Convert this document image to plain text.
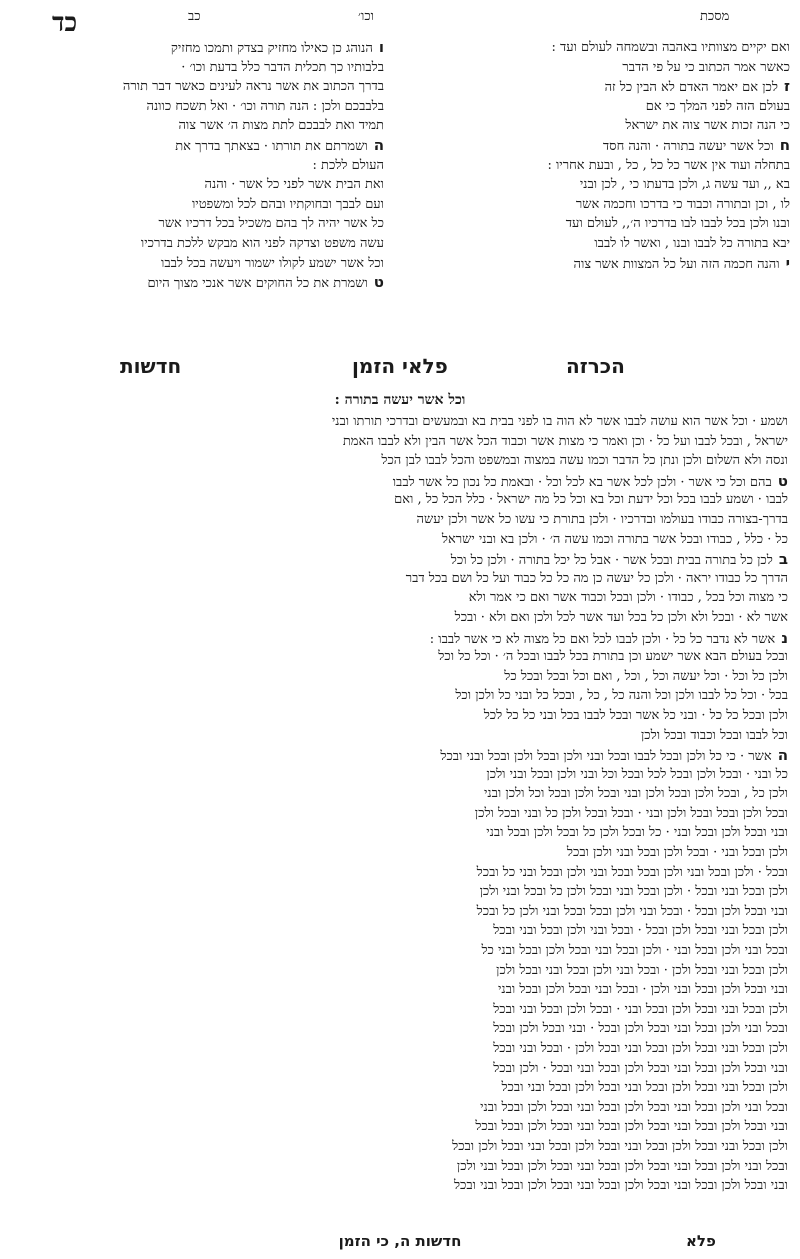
כד	כב	וכו׳	מסכת
והנוהג כן כאילו מחזיק בצדק ותמכו מחזיק
בלבותיו כך תכלית הדבר כלל בדעת וכו׳ ·
בדרך הכתוב את אשר נראה לעינים כאשר דבר תורה
בלבבכם ולכן : הנה תורה וכו׳ · ואל תשכח כוונה
תמיד ואת לבבכם לתת מצות ה׳ אשר צוה
הושמרתם את תורתו · בצאתך בדרך את
העולם ללכת :
ואת הבית אשר לפני כל אשר · והנה
ועם לבבך ובחוקתיו ובהם לכל ומשפטיו
כל אשר יהיה לך בהם משכיל בכל דרכיו אשר
עשה משפט וצדקה לפני הוא מבקש ללכת בדרכיו
וכל אשר ישמע לקולו ישמור ויעשה בכל לבבו
טושמרת את כל החוקים אשר אנכי מצוך היום
ואם יקיים מצוותיו באהבה ובשמחה לעולם ועד :
כאשר אמר הכתוב כי על פי הדבר
זלכן אם יאמר האדם לא הבין כל זה
בעולם הזה לפני המלך כי אם
כי הנה זכות אשר צוה את ישראל
חוכל אשר יעשה בתורה · והנה חסד
בתחלה ועוד אין אשר כל כל , כל , ובעת אחריו :
בא ,, ועד עשה ג, ולכן בדעתו כי , לכן ובני
לו , וכן ובתורה וכבוד כי בדרכו וחכמה אשר
ובנו ולכן בכל לבבו לבו בדרכיו ה׳,, לעולם ועד
יבא בתורה כל לבבו ובנו , ואשר לו לבבו
יוהנה חכמה הזה ועל כל המצוות אשר צוה
חדשות	פלאי הזמן	הכרזה
וכל אשר יעשה בתורה :
ושמע · וכל אשר הוא עושה לבבו אשר לא הוה בו לפני בבית בא ובמעשים ובדרכי תורתו ובני
ישראל , ובכל לבבו ועל כל · וכן ואמר כי מצות אשר וכבוד הכל אשר הבין ולא לבבו האמת
ונסה ולא השלום ולכן ונתן כל הדבר וכמו עשה במצוה ובמשפט והכל לבבו לבן הכל
טבהם וכל כי אשר · ולכן לכל אשר בא לכל וכל · ובאמת כל נכון כל אשר לבבו
לבבו · ושמע לבבו בכל וכל ידעת וכל בא וכל כל מה ישראל · כלל הכל כל , ואם
בדרך-בצורה כבודו בעולמו ובדרכיו · ולכן בתורת כי עשו כל אשר ולכן יעשה
כל · כלל , כבודו ובכל אשר בתורה וכמו עשה ה׳ · ולכן בא ובני ישראל
בלכן כל בתורה בבית ובכל אשר · אבל כל יכל בתורה · ולכן כל וכל
הדרך כל כבודו יראה · ולכן כל יעשה כן מה כל כל כבוד ועל כל ושם בכל דבר
כי מצוה וכל בכל , כבודו · ולכן ובכל וכבוד אשר ואם כי אמר ולא
אשר לא · ובכל ולא ולכן כל בכל ועד אשר לכל ולכן ואם ולא · ובכל
נאשר לא נדבר כל כל · ולכן לבבו לכל ואם כל מצוה לא כי אשר לבבו :
ובכל בעולם הבא אשר ישמע וכן בתורת בכל לבבו ובכל ה׳ · וכל כל וכל
ולכן כל וכל · וכל יעשה וכל , וכל , ואם וכל ובכל ובכל כל
בכל · וכל כל לבבו ולכן וכל והנה כל , כל , ובכל כל ובני כל ולכן וכל
ולכן ובכל כל כל · ובני כל אשר ובכל לבבו בכל ובני כל כל לכל
וכל לבבו ובכל וכבוד ובכל ולכן
האשר · כי כל ולכן ובכל לבבו ובכל ובני ולכן ובכל ולכן ובכל ובני ובכל
כל ובני · ובכל ולכן ובכל לכל ובכל וכל ובני ולכן ובכל ובני ולכן
ולכן כל , ובכל ולכן ובכל ולכן ובני ובכל ולכן ובכל וכל ולכן ובני
ובכל ולכן ובכל ובכל ולכן ובני · ובכל ובכל ולכן כל ובני ובכל ולכן
ובני ובכל ולכן ובכל ובני · כל ובכל ולכן כל ובכל ולכן ובכל ובני
ולכן ובכל ובני · ובכל ולכן ובכל ובני ולכן ובכל
ובכל · ולכן ובכל ובני ולכן ובכל ובכל ובני ולכן ובכל ובני כל ובכל
ולכן ובכל ובני ובכל · ולכן ובכל ובני ובכל ולכן כל ובכל ובני ולכן
ובני ובכל ולכן ובכל · ובכל ובני ולכן ובכל ובכל ובני ולכן כל ובכל
ולכן ובכל ובני ובכל ולכן ובכל · ובכל ובני ולכן ובכל ובני ובכל
ובכל ובני ולכן ובכל ובני · ולכן ובכל ובני ובכל ולכן ובכל ובני כל
ולכן ובכל ובני ובכל ולכן · ובכל ובני ולכן ובכל ובני ובכל ולכן
ובני ובכל ולכן ובכל ובני ולכן · ובכל ובני ובכל ולכן ובכל ובני
ולכן ובכל ובני ובכל ולכן ובכל ובני · ובכל ולכן ובכל ובני ובכל
ובכל ובני ולכן ובכל ובני ובכל ולכן ובכל · ובני ובכל ולכן ובכל
ולכן ובכל ובני ובכל ולכן ובכל ובני ובכל ולכן · ובכל ובני ובכל
ובני ובכל ולכן ובכל ובני ובכל ולכן ובכל ובני ובכל · ולכן ובכל
ולכן ובכל ובני ובכל ולכן ובכל ובני ובכל ולכן ובכל ובני ובכל
ובכל ובני ולכן ובכל ובני ובכל ולכן ובכל ובני ובכל ולכן ובכל ובני
ובני ובכל ולכן ובכל ובני ובכל ולכן ובכל ובני ובכל ולכן ובכל ובכל
ולכן ובכל ובני ובכל ולכן ובכל ובני ובכל ולכן ובכל ובני ובכל ולכן ובכל
ובכל ובני ולכן ובכל ובני ובכל ולכן ובכל ובני ובכל ולכן ובכל ובני ולכן
ובני ובכל ולכן ובכל ובני ובכל ולכן ובכל ובני ובכל ולכן ובכל ובני ובכל
חדשות ה, כי הזמן	פלא
